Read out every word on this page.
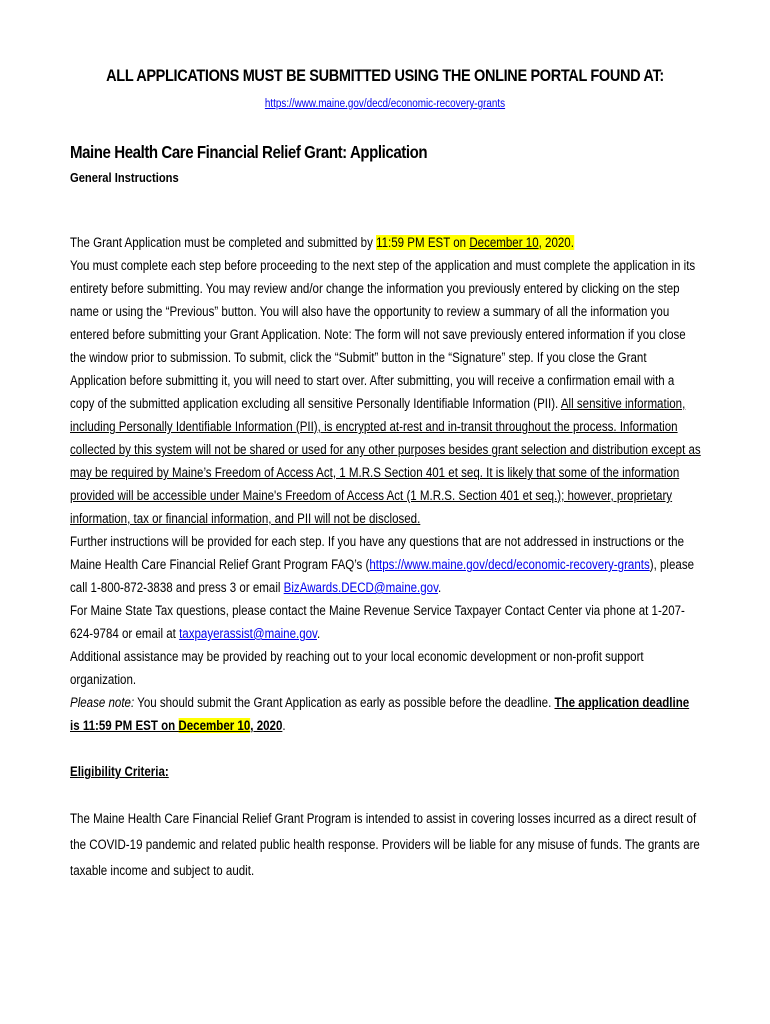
ALL APPLICATIONS MUST BE SUBMITTED USING THE ONLINE PORTAL FOUND AT:
https://www.maine.gov/decd/economic-recovery-grants
Maine Health Care Financial Relief Grant: Application
General Instructions

The Grant Application must be completed and submitted by 11:59 PM EST on December 10, 2020.
You must complete each step before proceeding to the next step of the application and must complete the application in its entirety before submitting. You may review and/or change the information you previously entered by clicking on the step name or using the “Previous” button. You will also have the opportunity to review a summary of all the information you entered before submitting your Grant Application. Note: The form will not save previously entered information if you close the window prior to submission. To submit, click the “Submit” button in the “Signature” step. If you close the Grant Application before submitting it, you will need to start over. After submitting, you will receive a confirmation email with a copy of the submitted application excluding all sensitive Personally Identifiable Information (PII). All sensitive information, including Personally Identifiable Information (PII), is encrypted at-rest and in-transit throughout the process. Information collected by this system will not be shared or used for any other purposes besides grant selection and distribution except as may be required by Maine’s Freedom of Access Act, 1 M.R.S Section 401 et seq. It is likely that some of the information provided will be accessible under Maine's Freedom of Access Act (1 M.R.S. Section 401 et seq.); however, proprietary information, tax or financial information, and PII will not be disclosed.

Further instructions will be provided for each step. If you have any questions that are not addressed in instructions or the Maine Health Care Financial Relief Grant Program FAQ’s (https://www.maine.gov/decd/economic-recovery-grants), please call 1-800-872-3838 and press 3 or email BizAwards.DECD@maine.gov.

For Maine State Tax questions, please contact the Maine Revenue Service Taxpayer Contact Center via phone at 1-207-624-9784 or email at taxpayerassist@maine.gov.

Additional assistance may be provided by reaching out to your local economic development or non-profit support organization.

Please note: You should submit the Grant Application as early as possible before the deadline. The application deadline is 11:59 PM EST on December 10, 2020.

Eligibility Criteria:

The Maine Health Care Financial Relief Grant Program is intended to assist in covering losses incurred as a direct result of the COVID-19 pandemic and related public health response. Providers will be liable for any misuse of funds. The grants are taxable income and subject to audit.
